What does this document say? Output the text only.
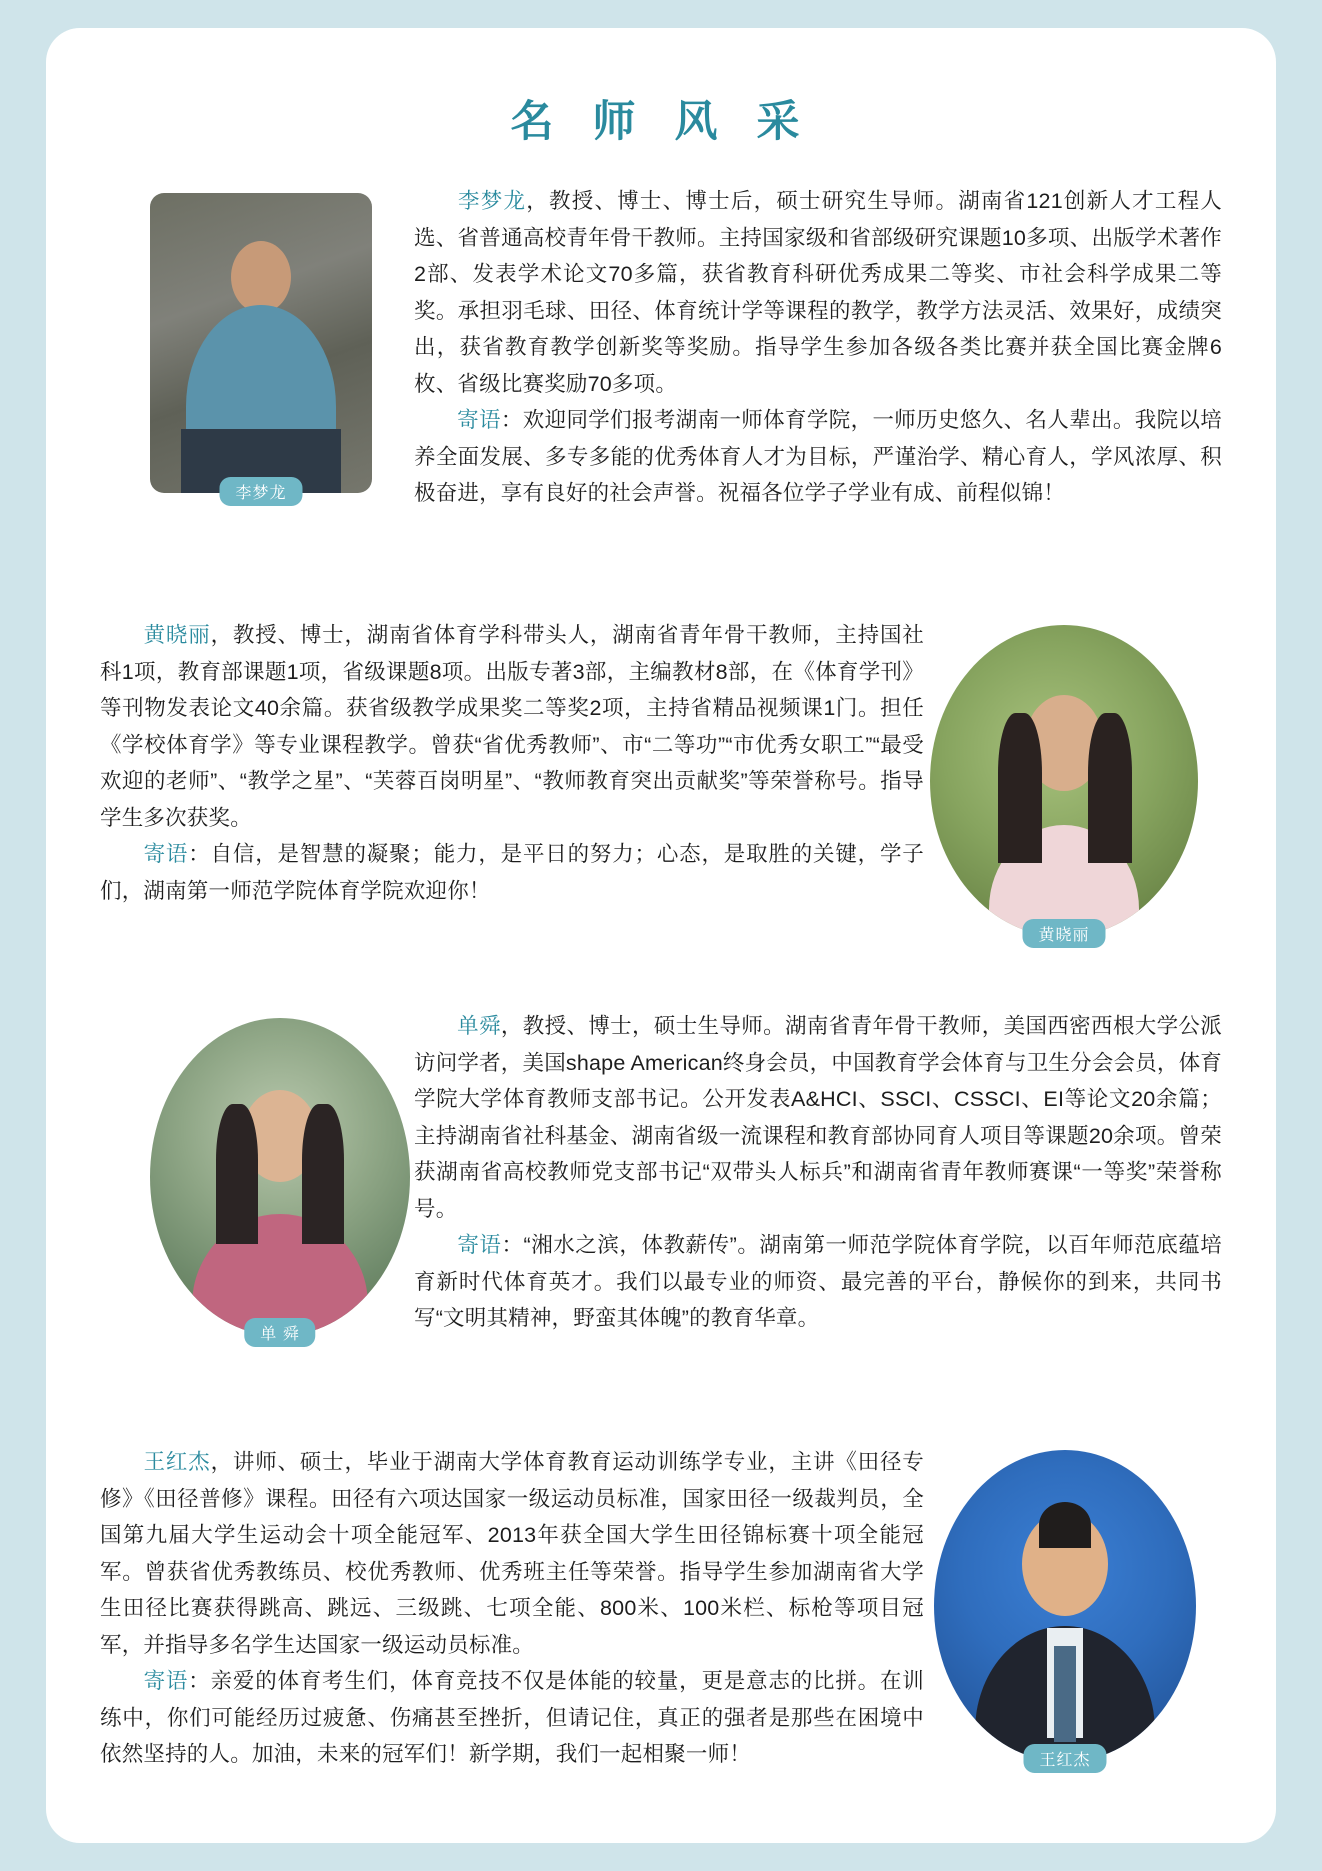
名 师 风 采
李梦龙

李梦龙，教授、博士、博士后，硕士研究生导师。湖南省121创新人才工程人选、省普通高校青年骨干教师。主持国家级和省部级研究课题10多项、出版学术著作2部、发表学术论文70多篇，获省教育科研优秀成果二等奖、市社会科学成果二等奖。承担羽毛球、田径、体育统计学等课程的教学，教学方法灵活、效果好，成绩突出，获省教育教学创新奖等奖励。指导学生参加各级各类比赛并获全国比赛金牌6枚、省级比赛奖励70多项。

寄语：欢迎同学们报考湖南一师体育学院，一师历史悠久、名人辈出。我院以培养全面发展、多专多能的优秀体育人才为目标，严谨治学、精心育人，学风浓厚、积极奋进，享有良好的社会声誉。祝福各位学子学业有成、前程似锦！

黄晓丽

黄晓丽，教授、博士，湖南省体育学科带头人，湖南省青年骨干教师，主持国社科1项，教育部课题1项，省级课题8项。出版专著3部，主编教材8部，在《体育学刊》等刊物发表论文40余篇。获省级教学成果奖二等奖2项，主持省精品视频课1门。担任《学校体育学》等专业课程教学。曾获“省优秀教师”、市“二等功”“市优秀女职工”“最受欢迎的老师”、“教学之星”、“芙蓉百岗明星”、“教师教育突出贡献奖”等荣誉称号。指导学生多次获奖。

寄语：自信，是智慧的凝聚；能力，是平日的努力；心态，是取胜的关键，学子们，湖南第一师范学院体育学院欢迎你！

单 舜

单舜，教授、博士，硕士生导师。湖南省青年骨干教师，美国西密西根大学公派访问学者，美国shape American终身会员，中国教育学会体育与卫生分会会员，体育学院大学体育教师支部书记。公开发表A&HCI、SSCI、CSSCI、EI等论文20余篇；主持湖南省社科基金、湖南省级一流课程和教育部协同育人项目等课题20余项。曾荣获湖南省高校教师党支部书记“双带头人标兵”和湖南省青年教师赛课“一等奖”荣誉称号。

寄语：“湘水之滨，体教薪传”。湖南第一师范学院体育学院，以百年师范底蕴培育新时代体育英才。我们以最专业的师资、最完善的平台，静候你的到来，共同书写“文明其精神，野蛮其体魄”的教育华章。

王红杰

王红杰，讲师、硕士，毕业于湖南大学体育教育运动训练学专业，主讲《田径专修》《田径普修》课程。田径有六项达国家一级运动员标准，国家田径一级裁判员，全国第九届大学生运动会十项全能冠军、2013年获全国大学生田径锦标赛十项全能冠军。曾获省优秀教练员、校优秀教师、优秀班主任等荣誉。指导学生参加湖南省大学生田径比赛获得跳高、跳远、三级跳、七项全能、800米、100米栏、标枪等项目冠军，并指导多名学生达国家一级运动员标准。

寄语：亲爱的体育考生们，体育竞技不仅是体能的较量，更是意志的比拼。在训练中，你们可能经历过疲惫、伤痛甚至挫折，但请记住，真正的强者是那些在困境中依然坚持的人。加油，未来的冠军们！新学期，我们一起相聚一师！
